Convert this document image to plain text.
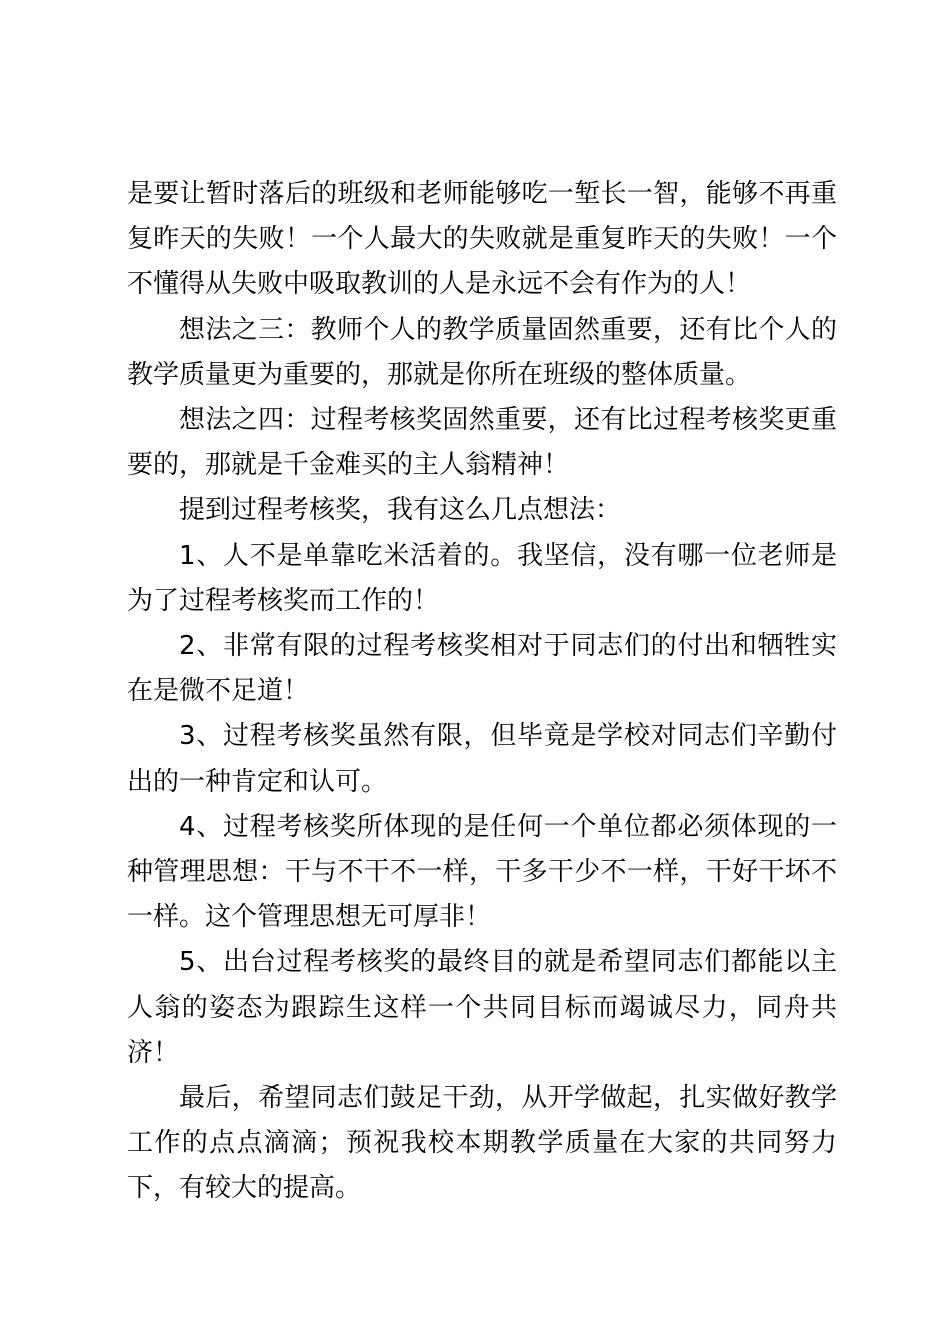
是要让暂时落后的班级和老师能够吃一堑长一智，能够不再重复昨天的失败！一个人最大的失败就是重复昨天的失败！一个不懂得从失败中吸取教训的人是永远不会有作为的人！

想法之三：教师个人的教学质量固然重要，还有比个人的教学质量更为重要的，那就是你所在班级的整体质量。

想法之四：过程考核奖固然重要，还有比过程考核奖更重要的，那就是千金难买的主人翁精神！

提到过程考核奖，我有这么几点想法：

1、人不是单靠吃米活着的。我坚信，没有哪一位老师是为了过程考核奖而工作的！

2、非常有限的过程考核奖相对于同志们的付出和牺牲实在是微不足道！

3、过程考核奖虽然有限，但毕竟是学校对同志们辛勤付出的一种肯定和认可。

4、过程考核奖所体现的是任何一个单位都必须体现的一种管理思想：干与不干不一样，干多干少不一样，干好干坏不一样。这个管理思想无可厚非！

5、出台过程考核奖的最终目的就是希望同志们都能以主人翁的姿态为跟踪生这样一个共同目标而竭诚尽力，同舟共济！

最后，希望同志们鼓足干劲，从开学做起，扎实做好教学工作的点点滴滴；预祝我校本期教学质量在大家的共同努力下，有较大的提高。
